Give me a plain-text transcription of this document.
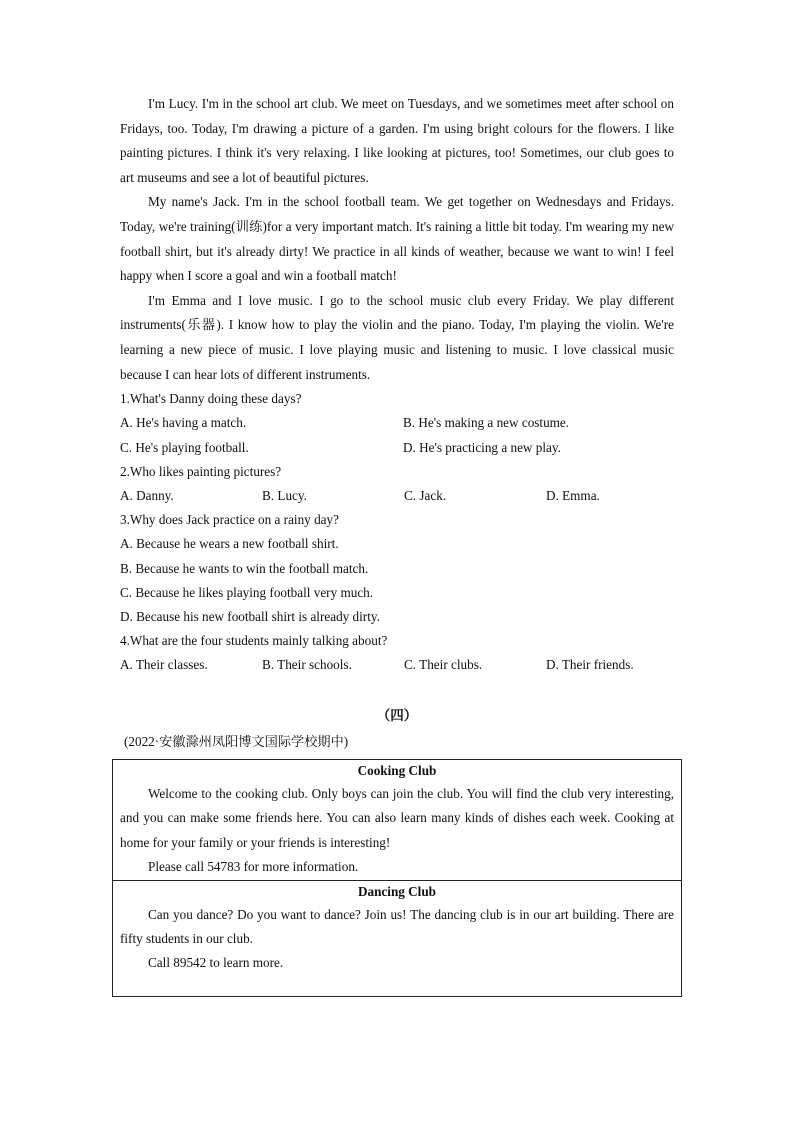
I'm Lucy. I'm in the school art club. We meet on Tuesdays, and we sometimes meet after school on Fridays, too. Today, I'm drawing a picture of a garden. I'm using bright colours for the flowers. I like painting pictures. I think it's very relaxing. I like looking at pictures, too! Sometimes, our club goes to art museums and see a lot of beautiful pictures.

My name's Jack. I'm in the school football team. We get together on Wednesdays and Fridays. Today, we're training(训练)for a very important match. It's raining a little bit today. I'm wearing my new football shirt, but it's already dirty! We practice in all kinds of weather, because we want to win! I feel happy when I score a goal and win a football match!

I'm Emma and I love music. I go to the school music club every Friday. We play different instruments(乐器). I know how to play the violin and the piano. Today, I'm playing the violin. We're learning a new piece of music. I love playing music and listening to music. I love classical music because I can hear lots of different instruments.

1.What's Danny doing these days?

A. He's having a match.	B. He's making a new costume.
C. He's playing football.	D. He's practicing a new play.

2.Who likes painting pictures?

A. Danny.	B. Lucy.	C. Jack.	D. Emma.

3.Why does Jack practice on a rainy day?

A. Because he wears a new football shirt.

B. Because he wants to win the football match.

C. Because he likes playing football very much.

D. Because his new football shirt is already dirty.

4.What are the four students mainly talking about?

A. Their classes.	B. Their schools.	C. Their clubs.	D. Their friends.
（四）
(2022·安徽滁州凤阳博文国际学校期中)

Cooking Club

Welcome to the cooking club. Only boys can join the club. You will find the club very interesting, and you can make some friends here. You can also learn many kinds of dishes each week. Cooking at home for your family or your friends is interesting!

Please call 54783 for more information.

Dancing Club

Can you dance? Do you want to dance? Join us! The dancing club is in our art building. There are fifty students in our club.

Call 89542 to learn more.
